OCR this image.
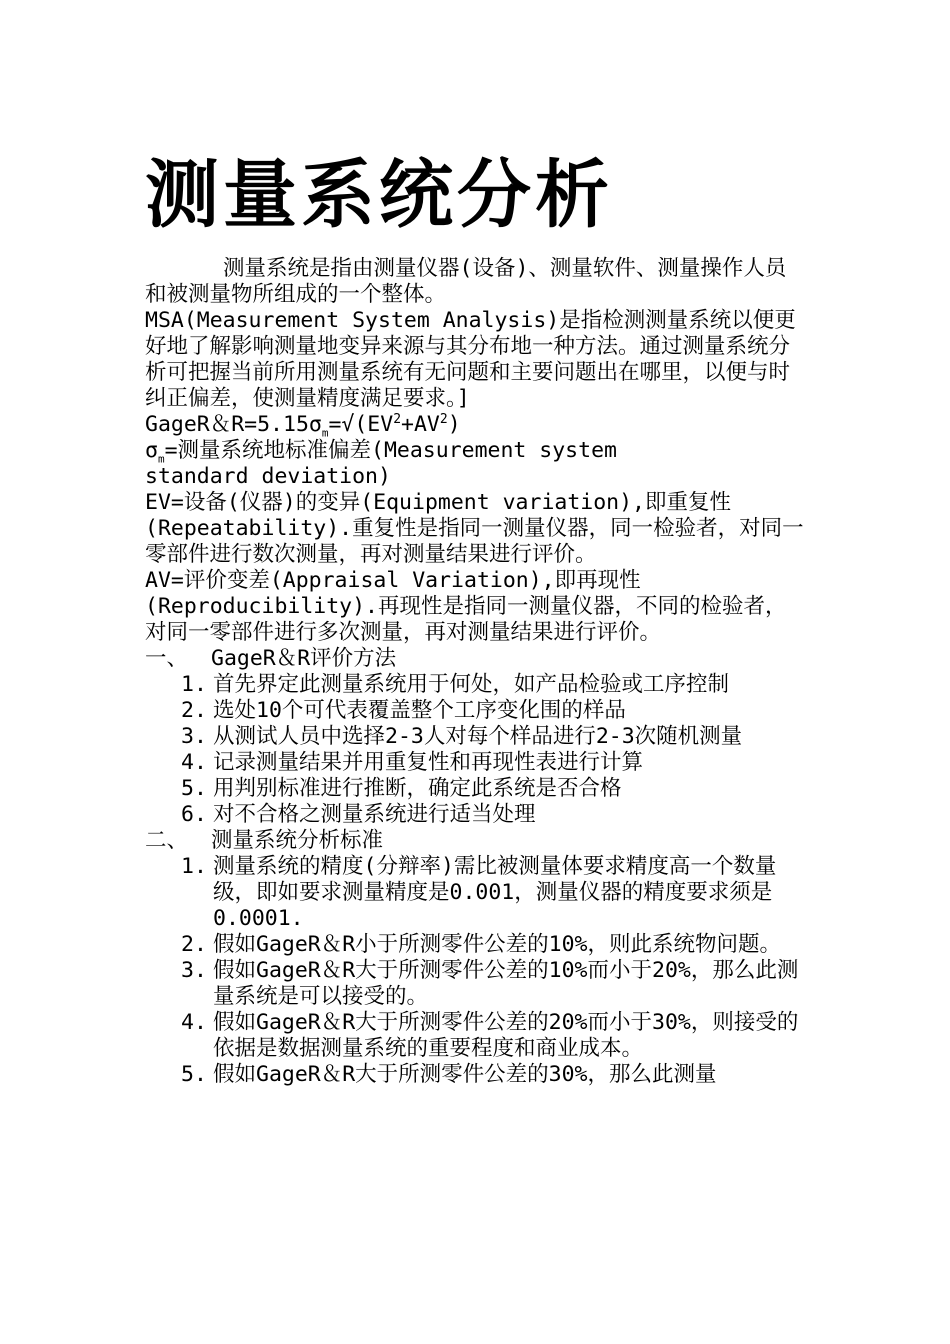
测量系统分析

测量系统是指由测量仪器(设备)、测量软件、测量操作人员和被测量物所组成的一个整体。

MSA(Measurement System Analysis)是指检测测量系统以便更好地了解影响测量地变异来源与其分布地一种方法。通过测量系统分析可把握当前所用测量系统有无问题和主要问题出在哪里，以便与时纠正偏差，使测量精度满足要求。]

GageR＆$R=5.15\sigma_m=√(EV^2+AV^2)$

$\sigma_m=$测量系统地标准偏差(Measurement system

standard deviation)

EV=设备(仪器)的变异(Equipment variation),即重复性(Repeatability).重复性是指同一测量仪器，同一检验者，对同一零部件进行数次测量，再对测量结果进行评价。

AV=评价变差(Appraisal Variation),即再现性(Reproducibility).再现性是指同一测量仪器，不同的检验者，对同一零部件进行多次测量，再对测量结果进行评价。

一、 GageR＆R评价方法

1. 首先界定此测量系统用于何处，如产品检验或工序控制
2. 选处10个可代表覆盖整个工序变化围的样品
3. 从测试人员中选择2-3人对每个样品进行2-3次随机测量
4. 记录测量结果并用重复性和再现性表进行计算
5. 用判别标准进行推断，确定此系统是否合格
6. 对不合格之测量系统进行适当处理

二、 测量系统分析标准

1. 测量系统的精度(分辩率)需比被测量体要求精度高一个数量级，即如要求测量精度是0.001，测量仪器的精度要求须是0.0001.
2. 假如GageR＆R小于所测零件公差的10%，则此系统物问题。
3. 假如GageR＆R大于所测零件公差的10%而小于20%，那么此测量系统是可以接受的。
4. 假如GageR＆R大于所测零件公差的20%而小于30%，则接受的依据是数据测量系统的重要程度和商业成本。
5. 假如GageR＆R大于所测零件公差的30%，那么此测量
